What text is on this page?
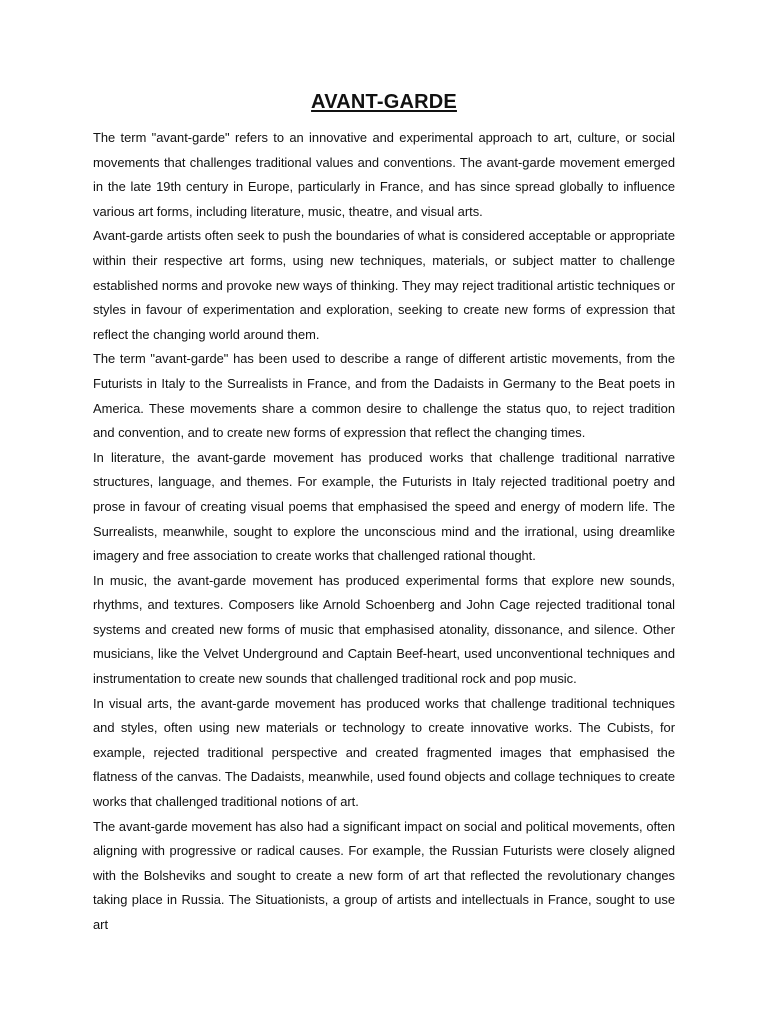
AVANT-GARDE

The term "avant-garde" refers to an innovative and experimental approach to art, culture, or social movements that challenges traditional values and conventions. The avant-garde movement emerged in the late 19th century in Europe, particularly in France, and has since spread globally to influence various art forms, including literature, music, theatre, and visual arts.

Avant-garde artists often seek to push the boundaries of what is considered acceptable or appropriate within their respective art forms, using new techniques, materials, or subject matter to challenge established norms and provoke new ways of thinking. They may reject traditional artistic techniques or styles in favour of experimentation and exploration, seeking to create new forms of expression that reflect the changing world around them.

The term "avant-garde" has been used to describe a range of different artistic movements, from the Futurists in Italy to the Surrealists in France, and from the Dadaists in Germany to the Beat poets in America. These movements share a common desire to challenge the status quo, to reject tradition and convention, and to create new forms of expression that reflect the changing times.

In literature, the avant-garde movement has produced works that challenge traditional narrative structures, language, and themes. For example, the Futurists in Italy rejected traditional poetry and prose in favour of creating visual poems that emphasised the speed and energy of modern life. The Surrealists, meanwhile, sought to explore the unconscious mind and the irrational, using dreamlike imagery and free association to create works that challenged rational thought.

In music, the avant-garde movement has produced experimental forms that explore new sounds, rhythms, and textures. Composers like Arnold Schoenberg and John Cage rejected traditional tonal systems and created new forms of music that emphasised atonality, dissonance, and silence. Other musicians, like the Velvet Underground and Captain Beef-heart, used unconventional techniques and instrumentation to create new sounds that challenged traditional rock and pop music.

In visual arts, the avant-garde movement has produced works that challenge traditional techniques and styles, often using new materials or technology to create innovative works. The Cubists, for example, rejected traditional perspective and created fragmented images that emphasised the flatness of the canvas. The Dadaists, meanwhile, used found objects and collage techniques to create works that challenged traditional notions of art.

The avant-garde movement has also had a significant impact on social and political movements, often aligning with progressive or radical causes. For example, the Russian Futurists were closely aligned with the Bolsheviks and sought to create a new form of art that reflected the revolutionary changes taking place in Russia. The Situationists, a group of artists and intellectuals in France, sought to use art
